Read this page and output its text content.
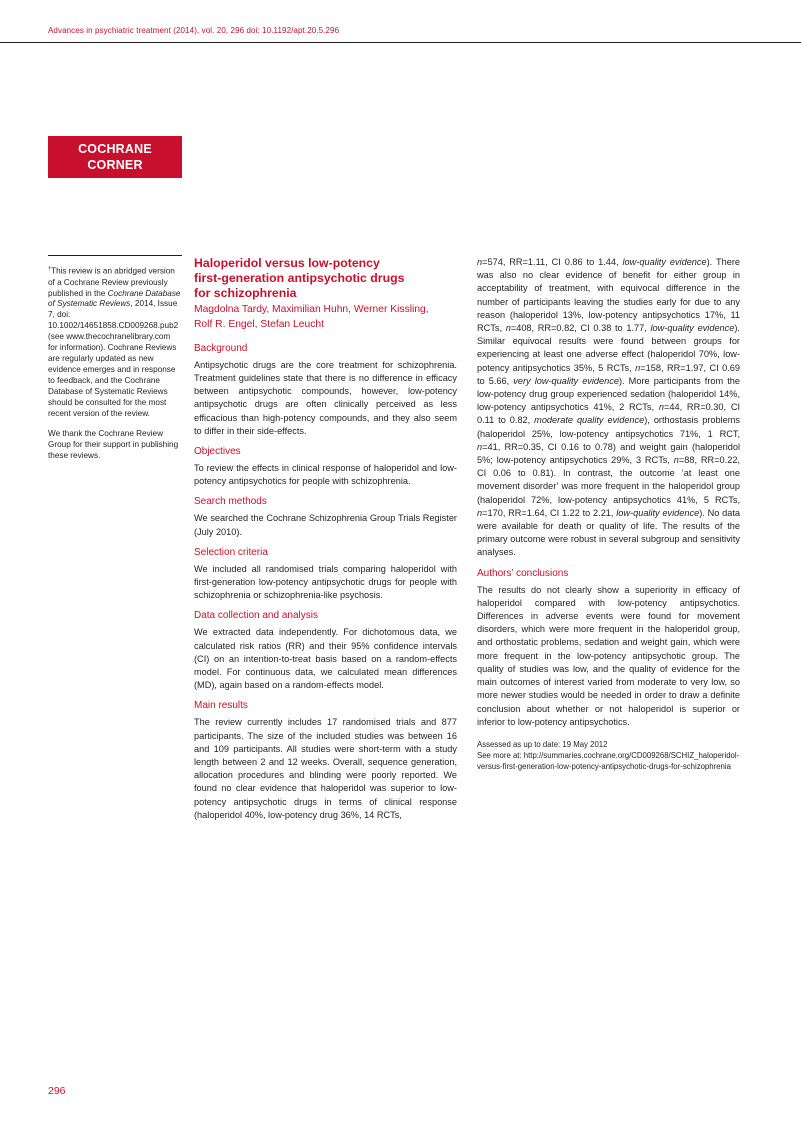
Advances in psychiatric treatment (2014), vol. 20, 296 doi: 10.1192/apt.20.5.296
COCHRANE
CORNER

†This review is an abridged version of a Cochrane Review previously published in the Cochrane Database of Systematic Reviews, 2014, Issue 7, doi: 10.1002/14651858.CD009268.pub2 (see www.thecochranelibrary.com for information). Cochrane Reviews are regularly updated as new evidence emerges and in response to feedback, and the Cochrane Database of Systematic Reviews should be consulted for the most recent version of the review.

We thank the Cochrane Review Group for their support in publishing these reviews.

Haloperidol versus low-potency
first-generation antipsychotic drugs
for schizophrenia
Magdolna Tardy, Maximilian Huhn, Werner Kissling,
Rolf R. Engel, Stefan Leucht
Background

Antipsychotic drugs are the core treatment for schizophrenia. Treatment guidelines state that there is no difference in efficacy between antipsychotic compounds, however, low-potency antipsychotic drugs are often clinically perceived as less efficacious than high-potency compounds, and they also seem to differ in their side-effects.

Objectives

To review the effects in clinical response of haloperidol and low-potency antipsychotics for people with schizophrenia.

Search methods

We searched the Cochrane Schizophrenia Group Trials Register (July 2010).

Selection criteria

We included all randomised trials comparing haloperidol with first-generation low-potency antipsychotic drugs for people with schizophrenia or schizophrenia-like psychosis.

Data collection and analysis

We extracted data independently. For dichotomous data, we calculated risk ratios (RR) and their 95% confidence intervals (CI) on an intention-to-treat basis based on a random-effects model. For continuous data, we calculated mean differences (MD), again based on a random-effects model.

Main results

The review currently includes 17 randomised trials and 877 participants. The size of the included studies was between 16 and 109 participants. All studies were short-term with a study length between 2 and 12 weeks. Overall, sequence generation, allocation procedures and blinding were poorly reported. We found no clear evidence that haloperidol was superior to low-potency antipsychotic drugs in terms of clinical response (haloperidol 40%, low-potency drug 36%, 14 RCTs,

n=574, RR=1.11, CI 0.86 to 1.44, low-quality evidence). There was also no clear evidence of benefit for either group in acceptability of treatment, with equivocal difference in the number of participants leaving the studies early for due to any reason (haloperidol 13%, low-potency antipsychotics 17%, 11 RCTs, n=408, RR=0.82, CI 0.38 to 1.77, low-quality evidence). Similar equivocal results were found between groups for experiencing at least one adverse effect (haloperidol 70%, low-potency antipsychotics 35%, 5 RCTs, n=158, RR=1.97, CI 0.69 to 5.66, very low-quality evidence). More participants from the low-potency drug group experienced sedation (haloperidol 14%, low-potency antipsychotics 41%, 2 RCTs, n=44, RR=0.30, CI 0.11 to 0.82, moderate quality evidence), orthostasis problems (haloperidol 25%, low-potency antipsychotics 71%, 1 RCT, n=41, RR=0.35, CI 0.16 to 0.78) and weight gain (haloperidol 5%; low-potency antipsychotics 29%, 3 RCTs, n=88, RR=0.22, CI 0.06 to 0.81). In contrast, the outcome ‘at least one movement disorder’ was more frequent in the haloperidol group (haloperidol 72%, low-potency antipsychotics 41%, 5 RCTs, n=170, RR=1.64, CI 1.22 to 2.21, low-quality evidence). No data were available for death or quality of life. The results of the primary outcome were robust in several subgroup and sensitivity analyses.

Authors’ conclusions

The results do not clearly show a superiority in efficacy of haloperidol compared with low-potency antipsychotics. Differences in adverse events were found for movement disorders, which were more frequent in the haloperidol group, and orthostatic problems, sedation and weight gain, which were more frequent in the low-potency antipsychotic group. The quality of studies was low, and the quality of evidence for the main outcomes of interest varied from moderate to very low, so more newer studies would be needed in order to draw a definite conclusion about whether or not haloperidol is superior or inferior to low-potency antipsychotics.

Assessed as up to date: 19 May 2012

See more at: http://summaries.cochrane.org/CD009268/SCHIZ_haloperidol-versus-first-generation-low-potency-antipsychotic-drugs-for-schizophrenia

296
